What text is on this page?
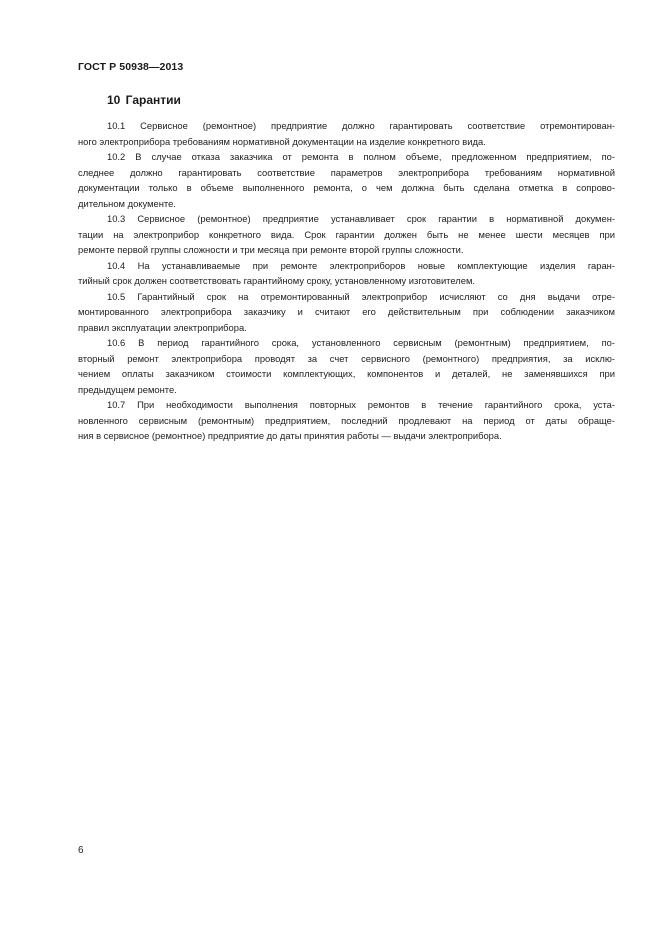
ГОСТ Р 50938—2013
10 Гарантии

10.1 Сервисное (ремонтное) предприятие должно гарантировать соответствие отремонтирован-
ного электроприбора требованиям нормативной документации на изделие конкретного вида.

10.2 В случае отказа заказчика от ремонта в полном объеме, предложенном предприятием, по-
следнее должно гарантировать соответствие параметров электроприбора требованиям нормативной
документации только в объеме выполненного ремонта, о чем должна быть сделана отметка в сопрово-
дительном документе.

10.3 Сервисное (ремонтное) предприятие устанавливает срок гарантии в нормативной докумен-
тации на электроприбор конкретного вида. Срок гарантии должен быть не менее шести месяцев при
ремонте первой группы сложности и три месяца при ремонте второй группы сложности.

10.4 На устанавливаемые при ремонте электроприборов новые комплектующие изделия гаран-
тийный срок должен соответствовать гарантийному сроку, установленному изготовителем.

10.5 Гарантийный срок на отремонтированный электроприбор исчисляют со дня выдачи отре-
монтированного электроприбора заказчику и считают его действительным при соблюдении заказчиком
правил эксплуатации электроприбора.

10.6 В период гарантийного срока, установленного сервисным (ремонтным) предприятием, по-
вторный ремонт электроприбора проводят за счет сервисного (ремонтного) предприятия, за исклю-
чением оплаты заказчиком стоимости комплектующих, компонентов и деталей, не заменявшихся при
предыдущем ремонте.

10.7 При необходимости выполнения повторных ремонтов в течение гарантийного срока, уста-
новленного сервисным (ремонтным) предприятием, последний продлевают на период от даты обраще-
ния в сервисное (ремонтное) предприятие до даты принятия работы — выдачи электроприбора.

6
